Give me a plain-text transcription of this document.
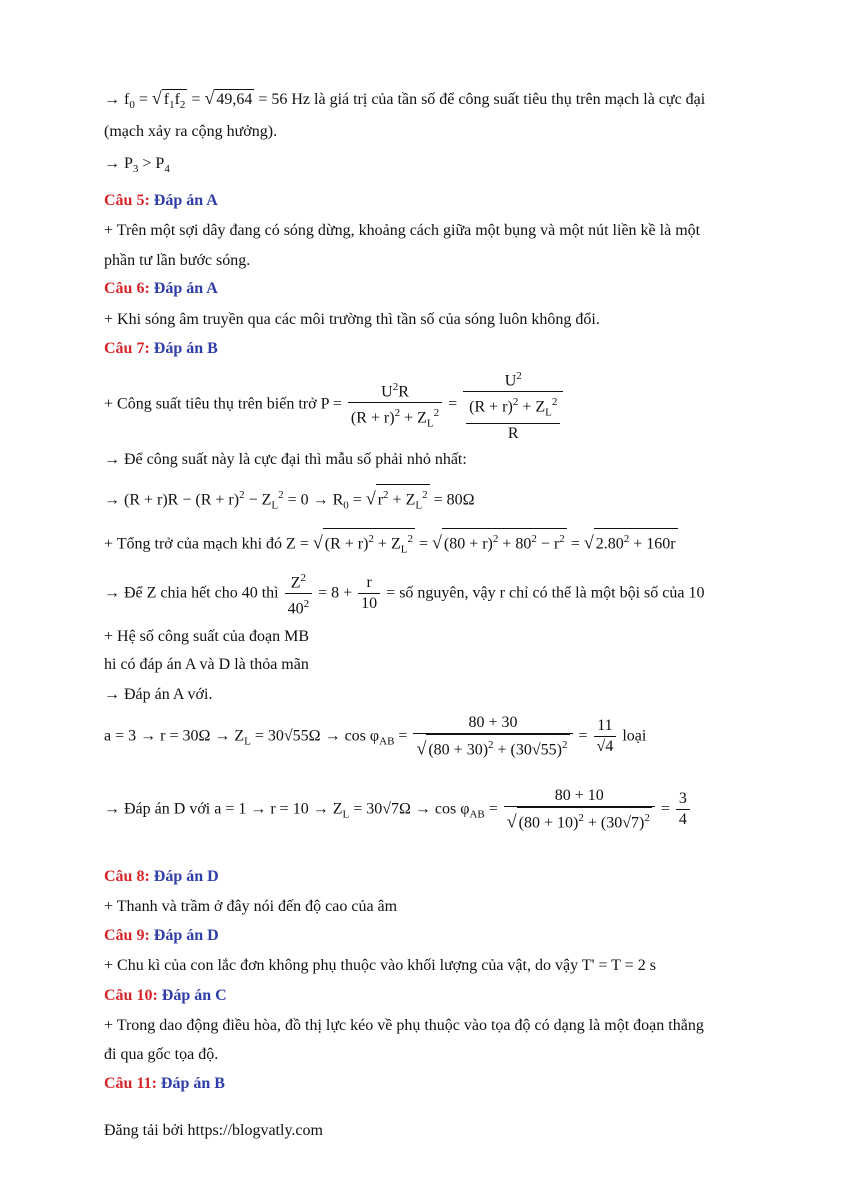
→ $f_0$ = √ $f_1f_2$ = √ 49,64 = 56 Hz là giá trị của tần số để công suất tiêu thụ trên mạch là cực đại
(mạch xảy ra cộng hưởng).
→ $P_3 > P_4$
Câu 5: Đáp án A
+ Trên một sợi dây đang có sóng dừng, khoảng cách giữa một bụng và một nút liền kề là một
phần tư lần bước sóng.
Câu 6: Đáp án A
+ Khi sóng âm truyền qua các môi trường thì tần số của sóng luôn không đổi.
Câu 7: Đáp án B
+ Công suất tiêu thụ trên biến trở $P = \frac{U^2R}{(R + r)^2 + Z_L^2} = \frac{U^2}{\frac{(R + r)^2 + Z_L^2}{R}}$
→ Để công suất này là cực đại thì mẫu số phải nhỏ nhất:
→ $(R + r)R - (R + r)^2 - Z_L^2 = 0 \to R_0$ = √ $r^2 + Z_L^2 = 80\Omega$
+ Tổng trở của mạch khi đó Z = √ $(R + r)^2 + Z_L^2$ = √ $(80 + r)^2 + 80^2 - r^2$ = √ $2.80^2 + 160r$
→ Để Z chia hết cho 40 thì $\frac{Z^2}{40^2} = 8 + \frac{r}{10}$ = số nguyên, vậy r chỉ có thể là một bội số của 10
+ Hệ số công suất của đoạn MB
hi có đáp án A và D là thỏa mãn
→ Đáp án A với.
$a = 3 \to r = 30\Omega \to Z_L = 30√55\Omega \to \cos \varphi_{AB} = \frac{80 + 30}{√ (80 + 30)^2 + (30√55)^2} = \frac{11}{√4}$ loại
→ Đáp án D với $a = 1 \to r = 10 \to Z_L = 30√7\Omega \to \cos \varphi_{AB} = \frac{80 + 10}{√ (80 + 10)^2 + (30√7)^2} = \frac{3}{4}$
Câu 8: Đáp án D
+ Thanh và trầm ở đây nói đến độ cao của âm
Câu 9: Đáp án D
+ Chu kì của con lắc đơn không phụ thuộc vào khối lượng của vật, do vậy T' = T = 2 s
Câu 10: Đáp án C
+ Trong dao động điều hòa, đồ thị lực kéo về phụ thuộc vào tọa độ có dạng là một đoạn thẳng
đi qua gốc tọa độ.
Câu 11: Đáp án B
Đăng tải bởi https://blogvatly.com
